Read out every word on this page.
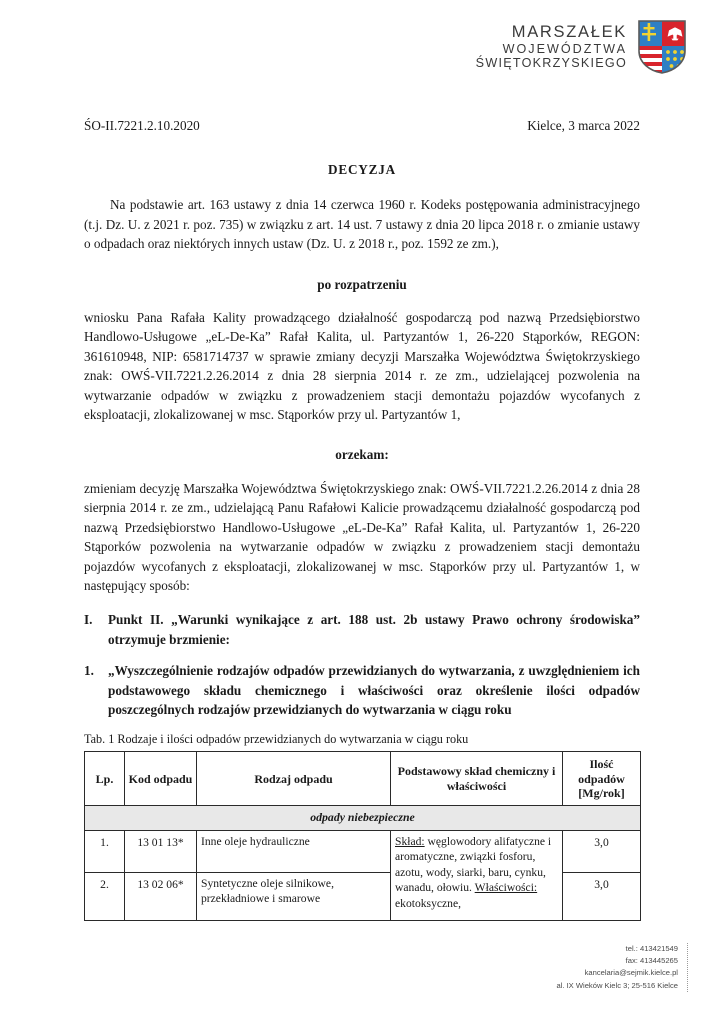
MARSZAŁEK
WOJEWÓDZTWA
ŚWIĘTOKRZYSKIEGO
ŚO-II.7221.2.10.2020	Kielce, 3 marca 2022
DECYZJA

Na podstawie art. 163 ustawy z dnia 14 czerwca 1960 r. Kodeks postępowania administracyjnego (t.j. Dz. U. z 2021 r. poz. 735) w związku z art. 14 ust. 7 ustawy z dnia 20 lipca 2018 r. o zmianie ustawy o odpadach oraz niektórych innych ustaw (Dz. U. z 2018 r., poz. 1592 ze zm.),

po rozpatrzeniu

wniosku Pana Rafała Kality prowadzącego działalność gospodarczą pod nazwą Przedsiębiorstwo Handlowo-Usługowe „eL-De-Ka” Rafał Kalita, ul. Partyzantów 1, 26-220 Stąporków, REGON: 361610948, NIP: 6581714737 w sprawie zmiany decyzji Marszałka Województwa Świętokrzyskiego znak: OWŚ-VII.7221.2.26.2014 z dnia 28 sierpnia 2014 r. ze zm., udzielającej pozwolenia na wytwarzanie odpadów w związku z prowadzeniem stacji demontażu pojazdów wycofanych z eksploatacji, zlokalizowanej w msc. Stąporków przy ul. Partyzantów 1,

orzekam:

zmieniam decyzję Marszałka Województwa Świętokrzyskiego znak: OWŚ-VII.7221.2.26.2014 z dnia 28 sierpnia 2014 r. ze zm., udzielającą Panu Rafałowi Kalicie prowadzącemu działalność gospodarczą pod nazwą Przedsiębiorstwo Handlowo-Usługowe „eL-De-Ka” Rafał Kalita, ul. Partyzantów 1, 26-220 Stąporków pozwolenia na wytwarzanie odpadów w związku z prowadzeniem stacji demontażu pojazdów wycofanych z eksploatacji, zlokalizowanej w msc. Stąporków przy ul. Partyzantów 1, w następujący sposób:

I.	Punkt II. „Warunki wynikające z art. 188 ust. 2b ustawy Prawo ochrony środowiska” otrzymuje brzmienie:
1.	„Wyszczególnienie rodzajów odpadów przewidzianych do wytwarzania, z uwzględnieniem ich podstawowego składu chemicznego i właściwości oraz określenie ilości odpadów poszczególnych rodzajów przewidzianych do wytwarzania w ciągu roku
Tab. 1 Rodzaje i ilości odpadów przewidzianych do wytwarzania w ciągu roku
Lp.	Kod odpadu	Rodzaj odpadu	Podstawowy skład chemiczny i właściwości	Ilość odpadów [Mg/rok]
odpady niebezpieczne				
1.	13 01 13*	Inne oleje hydrauliczne	Skład: węglowodory alifatyczne i aromatyczne, związki fosforu, azotu, wody, siarki, baru, cynku, wanadu, ołowiu. Właściwości: ekotoksyczne,	3,0
2.	13 02 06*	Syntetyczne oleje silnikowe, przekładniowe i smarowe		3,0
tel.: 413421549
fax: 413445265
kancelaria@sejmik.kielce.pl
al. IX Wieków Kielc 3; 25-516 Kielce
